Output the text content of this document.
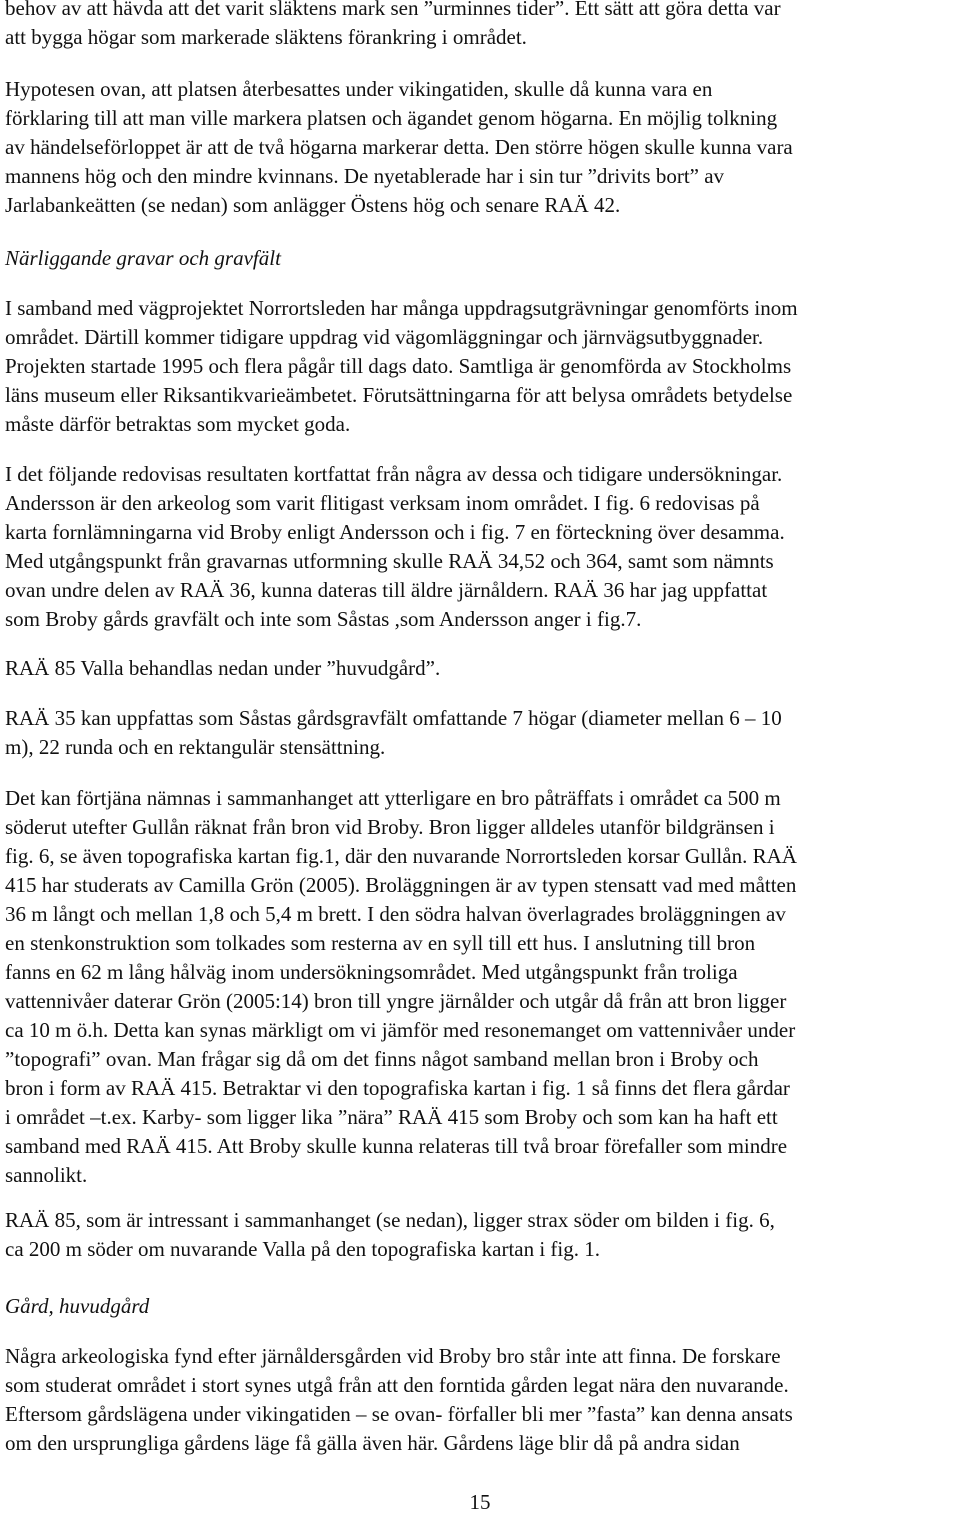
behov av att hävda att det varit släktens mark sen ”urminnes tider”. Ett sätt att göra detta var
att bygga högar som markerade släktens förankring i området.
Hypotesen ovan, att platsen återbesattes under vikingatiden, skulle då kunna vara en
förklaring till att man ville markera platsen och ägandet genom högarna. En möjlig tolkning
av händelseförloppet är att de två högarna markerar detta. Den större högen skulle kunna vara
mannens hög och den mindre kvinnans. De nyetablerade har i sin tur ”drivits bort” av
Jarlabankeätten (se nedan) som anlägger Östens hög och senare RAÄ 42.
Närliggande gravar och gravfält
I samband med vägprojektet Norrortsleden har många uppdragsutgrävningar genomförts inom
området. Därtill kommer tidigare uppdrag vid vägomläggningar och järnvägsutbyggnader.
Projekten startade 1995 och flera pågår till dags dato. Samtliga är genomförda av Stockholms
läns museum eller Riksantikvarieämbetet. Förutsättningarna för att belysa områdets betydelse
måste därför betraktas som mycket goda.
I det följande redovisas resultaten kortfattat från några av dessa och tidigare undersökningar.
Andersson är den arkeolog som varit flitigast verksam inom området. I fig. 6 redovisas på
karta fornlämningarna vid Broby enligt Andersson och i fig. 7 en förteckning över desamma.
Med utgångspunkt från gravarnas utformning skulle RAÄ 34,52 och 364, samt som nämnts
ovan undre delen av RAÄ 36, kunna dateras till äldre järnåldern. RAÄ 36 har jag uppfattat
som Broby gårds gravfält och inte som Såstas ,som Andersson anger i fig.7.
RAÄ 85 Valla behandlas nedan under ”huvudgård”.
RAÄ 35 kan uppfattas som Såstas gårdsgravfält omfattande 7 högar (diameter mellan 6 – 10
m), 22 runda och en rektangulär stensättning.
Det kan förtjäna nämnas i sammanhanget att ytterligare en bro påträffats i området ca 500 m
söderut utefter Gullån räknat från bron vid Broby. Bron ligger alldeles utanför bildgränsen i
fig. 6, se även topografiska kartan fig.1, där den nuvarande Norrortsleden korsar Gullån. RAÄ
415 har studerats av Camilla Grön (2005). Broläggningen är av typen stensatt vad med måtten
36 m långt och mellan 1,8 och 5,4 m brett. I den södra halvan överlagrades broläggningen av
en stenkonstruktion som tolkades som resterna av en syll till ett hus. I anslutning till bron
fanns en 62 m lång hålväg inom undersökningsområdet. Med utgångspunkt från troliga
vattennivåer daterar Grön (2005:14) bron till yngre järnålder och utgår då från att bron ligger
ca 10 m ö.h. Detta kan synas märkligt om vi jämför med resonemanget om vattennivåer under
”topografi” ovan. Man frågar sig då om det finns något samband mellan bron i Broby och
bron i form av RAÄ 415. Betraktar vi den topografiska kartan i fig. 1 så finns det flera gårdar
i området –t.ex. Karby- som ligger lika ”nära” RAÄ 415 som Broby och som kan ha haft ett
samband med RAÄ 415. Att Broby skulle kunna relateras till två broar förefaller som mindre
sannolikt.
RAÄ 85, som är intressant i sammanhanget (se nedan), ligger strax söder om bilden i fig. 6,
ca 200 m söder om nuvarande Valla på den topografiska kartan i fig. 1.
Gård, huvudgård
Några arkeologiska fynd efter järnåldersgården vid Broby bro står inte att finna. De forskare
som studerat området i stort synes utgå från att den forntida gården legat nära den nuvarande.
Eftersom gårdslägena under vikingatiden – se ovan- förfaller bli mer ”fasta” kan denna ansats
om den ursprungliga gårdens läge få gälla även här. Gårdens läge blir då på andra sidan
15
